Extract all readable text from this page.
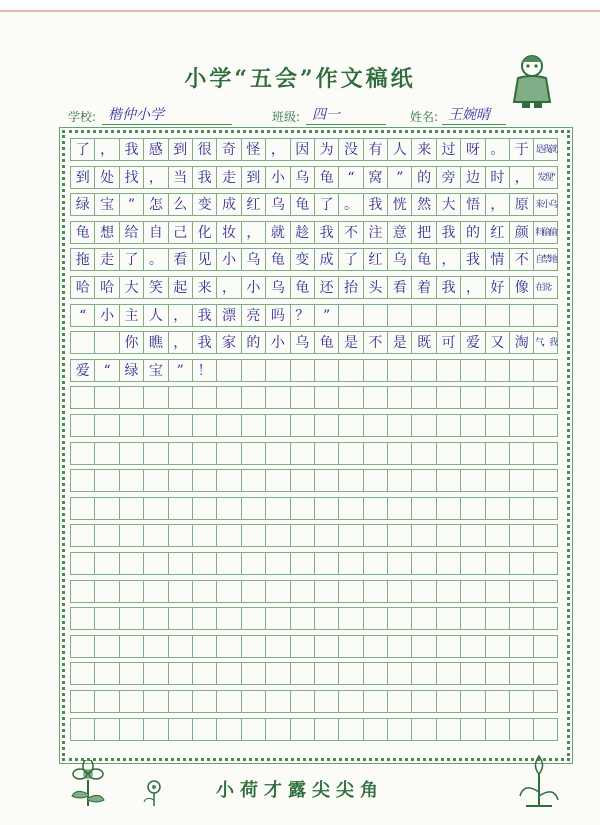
小学“五会”作文稿纸
学校: 楷仲小学	班级: 四一	姓名: 王婉晴
了 ， 我 感 到 很 奇 怪 ， 因 为 没 有 人 来 过 呀 。 于 是我就
到 处 找 ， 当 我 走 到 小 乌 龟 “ 窝 ” 的 旁 边 时 ， 发现“
绿 宝 ” 怎 么 变 成 红 乌 龟 了 。 我 恍 然 大 悟 ， 原 来小乌
龟 想 给 自 己 化 妆 ， 就 趁 我 不 注 意 把 我 的 红 颜 料偷偷
拖 走 了 。 看 见 小 乌 龟 变 成 了 红 乌 龟 ， 我 情 不 自禁地
哈 哈 大 笑 起 来 ， 小 乌 龟 还 抬 头 看 着 我 ， 好 像 在说：
“ 小 主 人 ， 我 漂 亮 吗 ？ ”
你 瞧 ， 我 家 的 小 乌 龟 是 不 是 既 可 爱 又 淘 气，我
爱 “ 绿 宝 ” ！
小荷才露尖尖角
